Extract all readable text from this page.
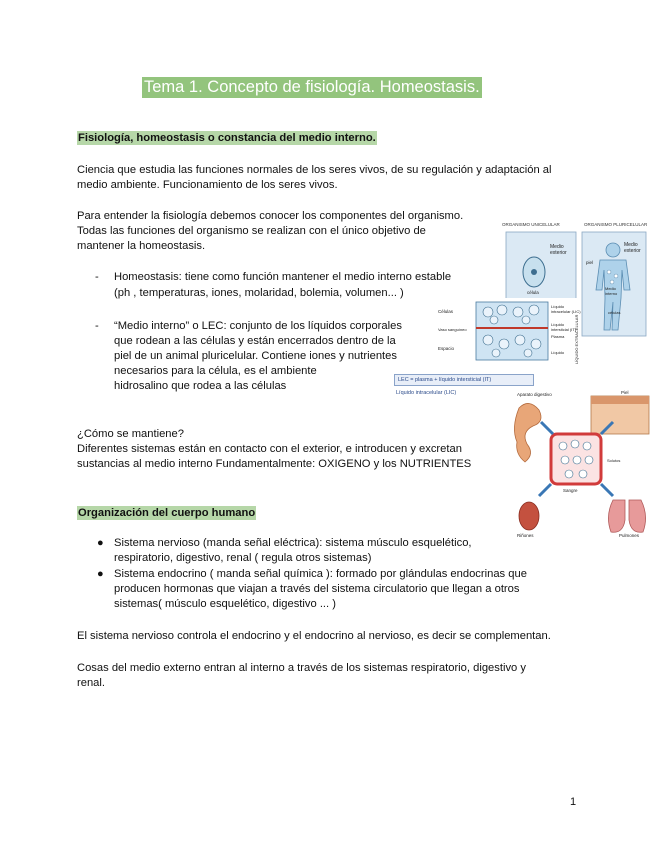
Tema 1. Concepto de fisiología. Homeostasis.
Fisiología, homeostasis o constancia del medio interno.
Ciencia que estudia las funciones normales de los seres vivos, de su regulación y adaptación al
medio ambiente. Funcionamiento de los seres vivos.
Para entender la fisiología debemos conocer los componentes del organismo.
Todas las funciones del organismo se realizan con el único objetivo de
mantener la homeostasis.
- Homeostasis: tiene como función mantener el medio interno estable
(ph , temperaturas, iones, molaridad, bolemia, volumen... )
- “Medio interno” o LEC: conjunto de los líquidos corporales
que rodean a las células y están encerrados dentro de la
piel de un animal pluricelular. Contiene iones y nutrientes
necesarios para la célula, es el ambiente
hidrosalino que rodea a las células
¿Cómo se mantiene?
Diferentes sistemas están en contacto con el exterior, e introducen y excretan
sustancias al medio interno Fundamentalmente: OXIGENO y los NUTRIENTES
Organización del cuerpo humano
● Sistema nervioso (manda señal eléctrica): sistema músculo esquelético,
respiratorio, digestivo, renal ( regula otros sistemas)
● Sistema endocrino ( manda señal química ): formado por glándulas endocrinas que
producen hormonas que viajan a través del sistema circulatorio que llegan a otros
sistemas( músculo esquelético, digestivo ... )
El sistema nervioso controla el endocrino y el endocrino al nervioso, es decir se complementan.
Cosas del medio externo entran al interno a través de los sistemas respiratorio, digestivo y
renal.
ORGANISMO UNICELULAR	ORGANISMO PLURICELULAR
Medio
exterior
célula
Medio
exterior
piel
Medio
interno
células
Células
Vaso sanguíneo
Espacio
Líquido
intracelular (LIC)
Líquido
intersticial (IT)
Plasma
Líquido LÍQUIDO EXTRACELULAR
LEC = plasma + líquido intersticial (IT)
Líquido intracelular (LIC)	Aparato digestivo	Piel
Sangre
Solutos
Riñones	Pulmones
1
